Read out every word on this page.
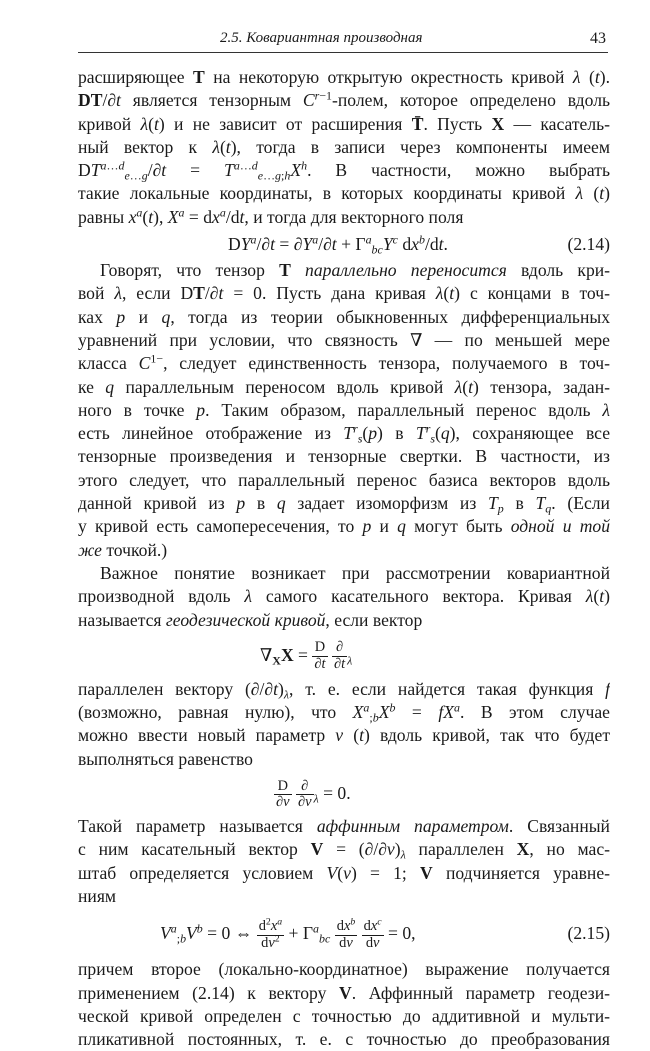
2.5. Ковариантная производная	43
расширяющее T на некоторую открытую окрестность кривой λ (t).
DT/∂t является тензорным $C^{r-1}$-полем, которое определено вдоль
кривой λ(t) и не зависит от расширения T̄. Пусть X — касатель-
ный вектор к λ(t), тогда в записи через компоненты имеем
$DT^{a\dots d}_{e\dots g}/\partial t = T^{a\dots d}_{e\dots g;h}X^h$. В частности, можно выбрать
такие локальные координаты, в которых координаты кривой λ (t)
равны $x^a(t)$, $X^a = dx^a/dt$, и тогда для векторного поля
$DY^a/\partial t = \partial Y^a/\partial t + \Gamma^a_{bc}Y^c$ $dx^b/dt$.	(2.14)
Говорят, что тензор T параллельно переносится вдоль кри-
вой λ, если DT/∂t = 0. Пусть дана кривая λ(t) с концами в точ-
ках p и q, тогда из теории обыкновенных дифференциальных
уравнений при условии, что связность ∇ — по меньшей мере
класса $C^{1-}$, следует единственность тензора, получаемого в точ-
ке q параллельным переносом вдоль кривой λ(t) тензора, задан-
ного в точке p. Таким образом, параллельный перенос вдоль λ
есть линейное отображение из $T^r_s(p)$ в $T^r_s(q)$, сохраняющее все
тензорные произведения и тензорные свертки. В частности, из
этого следует, что параллельный перенос базиса векторов вдоль
данной кривой из p в q задает изоморфизм из $T_p$ в $T_q$. (Если
у кривой есть самопересечения, то p и q могут быть одной и той
же точкой.)
Важное понятие возникает при рассмотрении ковариантной
производной вдоль λ самого касательного вектора. Кривая λ(t)
называется геодезической кривой, если вектор
$\nabla_XX = \frac{D}{\partial t}$
$\frac{\partial}{\partial t} _\lambda$
параллелен вектору $(\partial/\partial t)_\lambda$, т. е. если найдется такая функция f
(возможно, равная нулю), что $X^a_{;b}X^b = fX^a$. В этом случае
можно ввести новый параметр v (t) вдоль кривой, так что будет
выполняться равенство
$\frac{D}{\partial v}$
$\frac{\partial}{\partial v} _\lambda = 0$.
Такой параметр называется аффинным параметром. Связанный
с ним касательный вектор $V = (\partial/\partial v)_\lambda$ параллелен X, но мас-
штаб определяется условием V(v) = 1; V подчиняется уравне-
ниям
$V^a_{;b}V^b = 0$ ⇔ $\frac{d^2x^a}{dv^2} + \Gamma^a_{bc} \frac{dx^b}{dv}$
$\frac{dx^c}{dv} = 0$,	(2.15)
причем второе (локально-координатное) выражение получается
применением (2.14) к вектору V. Аффинный параметр геодези-
ческой кривой определен с точностью до аддитивной и мульти-
пликативной постоянных, т. е. с точностью до преобразования
